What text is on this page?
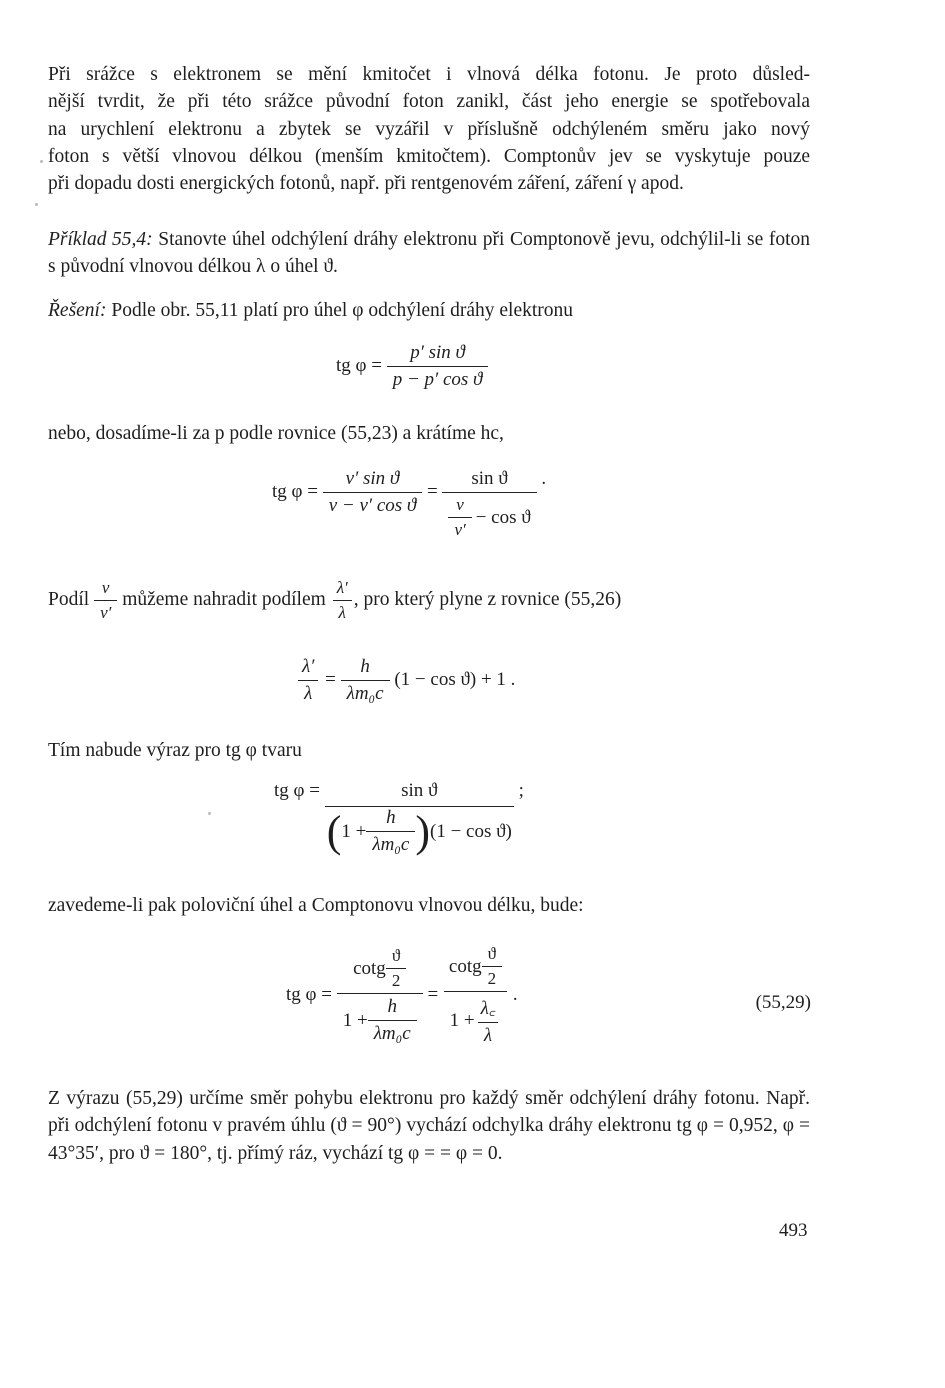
Při srážce s elektronem se mění kmitočet i vlnová délka fotonu. Je proto důsled-
nější tvrdit, že při této srážce původní foton zanikl, část jeho energie se spotřebovala
na urychlení elektronu a zbytek se vyzářil v příslušně odchýleném směru jako nový
foton s větší vlnovou délkou (menším kmitočtem). Comptonův jev se vyskytuje pouze
při dopadu dosti energických fotonů, např. při rentgenovém záření, záření γ apod.

Příklad 55,4: Stanovte úhel odchýlení dráhy elektronu při Comptonově jevu, odchýlil-li se foton s původní vlnovou délkou λ o úhel ϑ.

Řešení: Podle obr. 55,11 platí pro úhel φ odchýlení dráhy elektronu

tg $\varphi = \frac{\text{p′ sin ϑ}}{\text{p − p′ cos ϑ}}$

nebo, dosadíme-li za p podle rovnice (55,23) a krátíme hc,

tg $\varphi = \frac{\text{ν′ sin ϑ}}{\text{ν − ν′ cos ϑ}} = \frac{\text{sin ϑ}}{\frac{\nu}{\nu'} - \cos ϑ}$ .
Podíl $\frac{\nu}{\nu'}$ můžeme nahradit podílem $\frac{\lambda'}{\lambda}$ , pro který plyne z rovnice (55,26)
$\frac{\lambda'}{\lambda} = \frac{h}{\text{λm₀c}} (1 - \cos ϑ) + 1$ .

Tím nabude výraz pro tg φ tvaru

tg φ =	sin ϑ
( $1 + \frac{h}{\text{λm₀c}}$ ) (1 − cos ϑ)
;

zavedeme-li pak poloviční úhel a Comptonovu vlnovou délku, bude:

tg $\varphi = \frac{\cot g \frac{ϑ}{2}}{1 + \frac{h}{\text{λm₀c}}} = \frac{\cot g \frac{ϑ}{2}}{1 + \frac{\lambda꜀}{\lambda}}$ .	(55,29)

Z výrazu (55,29) určíme směr pohybu elektronu pro každý směr odchýlení dráhy fotonu. Např. při odchýlení fotonu v pravém úhlu (ϑ = 90°) vychází odchylka dráhy elektronu tg φ = 0,952, φ = 43°35′, pro ϑ = 180°, tj. přímý ráz, vychází tg φ = = φ = 0.

493
